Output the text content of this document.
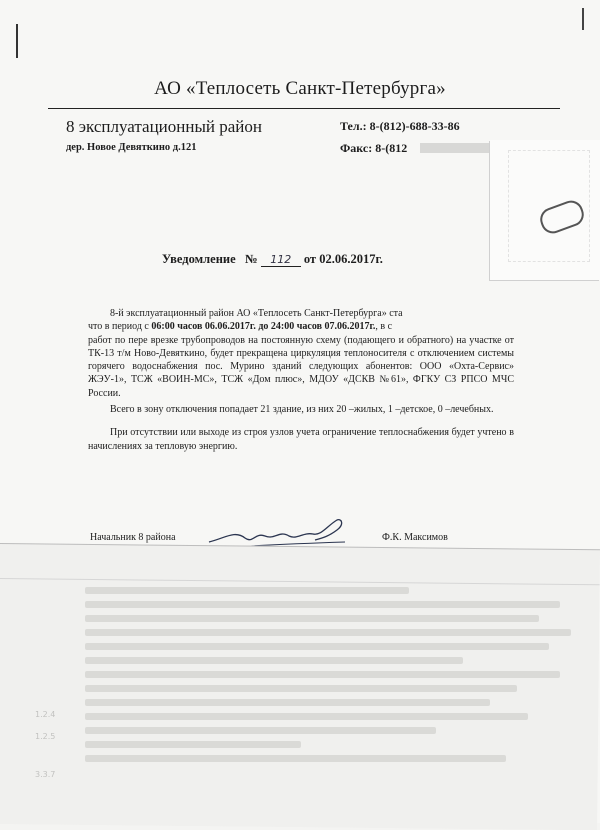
АО «Теплосеть Санкт-Петербурга»
8 эксплуатационный район
дер. Новое Девяткино д.121
Тел.: 8-(812)-688-33-86
Факс: 8-(812
Уведомление № 112 от 02.06.2017г.

8-й эксплуатационный район АО «Теплосеть Санкт-Петербурга» ста
что в период с 06:00 часов 06.06.2017г. до 24:00 часов 07.06.2017г., в с

работ по пере врезке трубопроводов на постоянную схему (подающего и обратного) на участке от ТК-13 т/м Ново-Девяткино, будет прекращена циркуляция теплоносителя с отключением системы горячего водоснабжения пос. Мурино зданий следующих абонентов: ООО «Охта-Сервис» ЖЭУ-1», ТСЖ «ВОИН-МС», ТСЖ «Дом плюс», МДОУ «ДСКВ №61», ФГКУ СЗ РПСО МЧС России.

Всего в зону отключения попадает 21 здание, из них 20 –жилых, 1 –детское, 0 –лечебных.

При отсутствии или выходе из строя узлов учета ограничение теплоснабжения будет учтено в начислениях за тепловую энергию.

Начальник 8 района	Ф.К. Максимов
1.2.4
1.2.5
3.3.7
